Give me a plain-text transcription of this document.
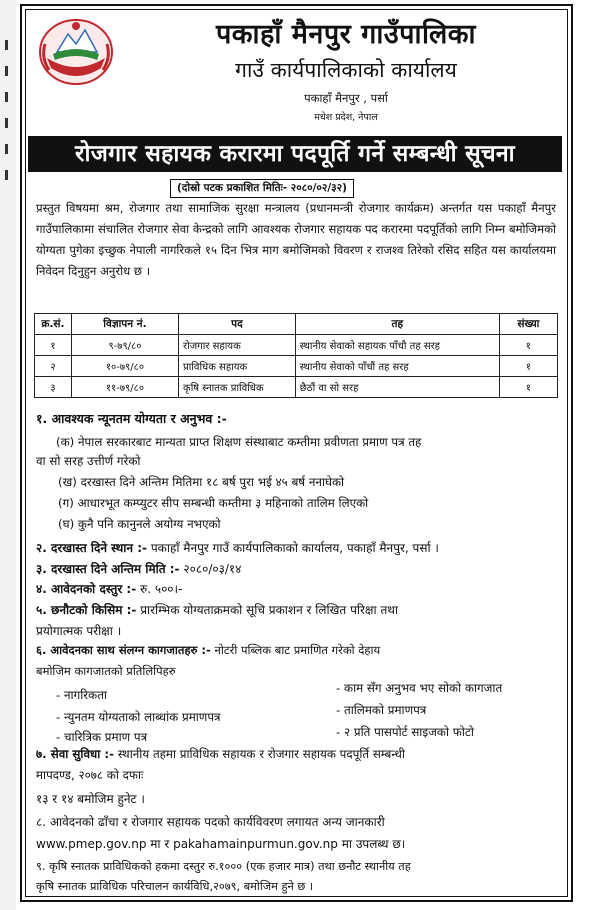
पकाहाँ मैनपुर गाउँपालिका
गाउँ कार्यपालिकाको कार्यालय
पकाहाँ मैनपुर , पर्सा
मधेश प्रदेश, नेपाल
रोजगार सहायक करारमा पदपूर्ति गर्ने सम्बन्धी सूचना
(दोस्रो पटक प्रकाशित मितिः- २०८०/०२/३२)
प्रस्तुत विषयमा श्रम, रोजगार तथा सामाजिक सुरक्षा मन्त्रालय (प्रधानमन्त्री रोजगार कार्यक्रम) अन्तर्गत यस पकाहाँ मैनपुर गाउँपालिकामा संचालित रोजगार सेवा केन्द्रको लागि आवश्यक रोजगार सहायक पद करारमा पदपूर्तिको लागि निम्न बमोजिमको योग्यता पुगेका इच्छुक नेपाली नागरिकले १५ दिन भित्र माग बमोजिमको विवरण र राजश्व तिरेको रसिद सहित यस कार्यालयमा निवेदन दिनुहुन अनुरोध छ ।
क्र.सं.	विज्ञापन नं.	पद	तह	संख्या
१	९-७९/८०	रोजगार सहायक	स्थानीय सेवाको सहायक पाँचौ तह सरह	१
२	१०-७९/८०	प्राविधिक सहायक	स्थानीय सेवाको पाँचौं तह सरह	१
३	११-७९/८०	कृषि स्नातक प्राविधिक	छैठौं वा सो सरह	१
१. आवश्यक न्यूनतम योग्यता र अनुभव :-
(क) नेपाल सरकारबाट मान्यता प्राप्त शिक्षण संस्थाबाट कम्तीमा प्रवीणता प्रमाण पत्र तह
वा सो सरह उत्तीर्ण गरेको
(ख) दरखास्त दिने अन्तिम मितिमा १८ बर्ष पुरा भई ४५ बर्ष ननाघेको
(ग) आधारभूत कम्प्युटर सीप सम्बन्धी कम्तीमा ३ महिनाको तालिम लिएको
(घ) कुनै पनि कानुनले अयोग्य नभएको
२. दरखास्त दिने स्थान :- पकाहाँ मैनपुर गाउँ कार्यपालिकाको कार्यालय, पकाहाँ मैनपुर, पर्सा ।
३. दरखास्त दिने अन्तिम मिति :- २०८०/०३/१४
४. आवेदनको दस्तुर :- रु. ५००।-
५. छनौटको किसिम :- प्रारम्भिक योग्यताक्रमको सूचि प्रकाशन र लिखित परिक्षा तथा
प्रयोगात्मक परीक्षा ।
६. आवेदनका साथ संलग्न कागजातहरु :- नोटरी पब्लिक बाट प्रमाणित गरेको देहाय
बमोजिम कागजातको प्रतिलिपिहरु
- नागरिकता
- न्युनतम योग्यताको लाब्धांक प्रमाणपत्र
- चारित्रिक प्रमाण पत्र
- काम सँग अनुभव भए सोको कागजात
- तालिमको प्रमाणपत्र
- २ प्रति पासपोर्ट साइजको फोटो
७. सेवा सुविधा :- स्थानीय तहमा प्राविधिक सहायक र रोजगार सहायक पदपूर्ति सम्बन्धी
मापदण्ड, २०७८ को दफाः
१३ र १४ बमोजिम हुनेट ।
८. आवेदनको ढाँचा र रोजगार सहायक पदको कार्यविवरण लगायत अन्य जानकारी
www.pmep.gov.np मा र pakahamainpurmun.gov.np मा उपलब्ध छ।
९. कृषि स्नातक प्राविधिकको हकमा दस्तुर रु.१००० (एक हजार मात्र) तथा छनौट स्थानीय तह
कृषि स्नातक प्राविधिक परिचालन कार्यविधि,२०७९, बमोजिम हुने छ ।
